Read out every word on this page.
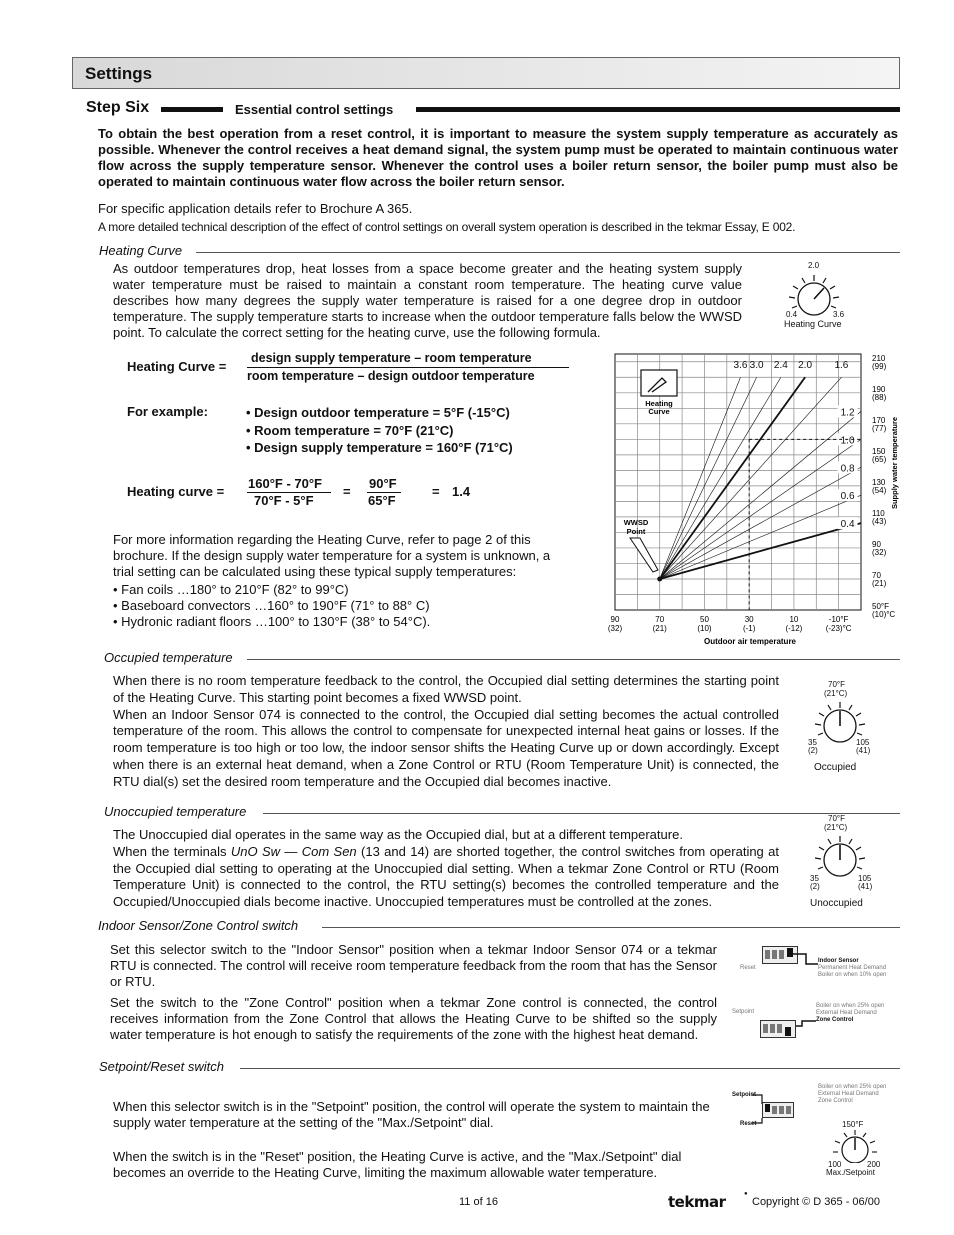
Settings
Step Six	Essential control settings
To obtain the best operation from a reset control, it is important to measure the system supply temperature as accurately as possible. Whenever the control receives a heat demand signal, the system pump must be operated to maintain continuous water flow across the supply temperature sensor. Whenever the control uses a boiler return sensor, the boiler pump must also be operated to maintain continuous water flow across the boiler return sensor.
For specific application details refer to Brochure A 365.
A more detailed technical description of the effect of control settings on overall system operation is described in the tekmar Essay, E 002.
Heating Curve
As outdoor temperatures drop, heat losses from a space become greater and the heating system supply water temperature must be raised to maintain a constant room temperature. The heating curve value describes how many degrees the supply water temperature is raised for a one degree drop in outdoor temperature. The supply temperature starts to increase when the outdoor temperature falls below the WWSD point. To calculate the correct setting for the heating curve, use the following formula.
2.0
0.4	3.6
Heating Curve
Heating Curve =
design supply temperature – room temperature
room temperature – design outdoor temperature
For example:	• Design outdoor temperature = 5°F (-15°C)
• Room temperature = 70°F (21°C)
• Design supply temperature = 160°F (71°C)
Heating curve =
160°F - 70°F
70°F - 5°F
=
90°F
65°F
= 1.4
For more information regarding the Heating Curve, refer to page 2 of this brochure. If the design supply water temperature for a system is unknown, a trial setting can be calculated using these typical supply temperatures:
• Fan coils …180° to 210°F (82° to 99°C)
• Baseboard convectors …160° to 190°F (71° to 88° C)
• Hydronic radiant floors …100° to 130°F (38° to 54°C).
3.6 3.0 2.4 2.0 1.6
1.2
1.0
0.8
0.6
0.4
Heating
Curve
WWSD
Point
90
(32)
70
(21)
50
(10)
30
(-1)
10
(-12)
-10°F
(-23)°C
Outdoor air temperature
210
(99)
190
(88)
170
(77)
150
(65)
130
(54)
110
(43)
90
(32)
70
(21)
50°F
(10)°C
Supply water temperature
Occupied temperature
When there is no room temperature feedback to the control, the Occupied dial setting determines the starting point of the Heating Curve. This starting point becomes a fixed WWSD point.
When an Indoor Sensor 074 is connected to the control, the Occupied dial setting becomes the actual controlled temperature of the room. This allows the control to compensate for unexpected internal heat gains or losses. If the room temperature is too high or too low, the indoor sensor shifts the Heating Curve up or down accordingly. Except when there is an external heat demand, when a Zone Control or RTU (Room Temperature Unit) is connected, the RTU dial(s) set the desired room temperature and the Occupied dial becomes inactive.
70°F
(21°C)
35
(2)
105
(41)
Occupied
Unoccupied temperature
The Unoccupied dial operates in the same way as the Occupied dial, but at a different temperature.
When the terminals UnO Sw — Com Sen (13 and 14) are shorted together, the control switches from operating at the Occupied dial setting to operating at the Unoccupied dial setting. When a tekmar Zone Control or RTU (Room Temperature Unit) is connected to the control, the RTU setting(s) becomes the controlled temperature and the Occupied/Unoccupied dials become inactive. Unoccupied temperatures must be controlled at the zones.
70°F
(21°C)
35
(2)
105
(41)
Unoccupied
Indoor Sensor/Zone Control switch
Set this selector switch to the "Indoor Sensor" position when a tekmar Indoor Sensor 074 or a tekmar RTU is connected. The control will receive room temperature feedback from the room that has the Sensor or RTU.
Set the switch to the "Zone Control" position when a tekmar Zone control is connected, the control receives information from the Zone Control that allows the Heating Curve to be shifted so the supply water temperature is hot enough to satisfy the requirements of the zone with the highest heat demand.
Reset
Indoor Sensor
Permanent Heat Demand
Boiler on when 10% open
Boiler on when 25% open
External Heat Demand
Zone Control
Setpoint
Setpoint/Reset switch
When this selector switch is in the "Setpoint" position, the control will operate the system to maintain the supply water temperature at the setting of the "Max./Setpoint" dial.
When the switch is in the "Reset" position, the Heating Curve is active, and the "Max./Setpoint" dial becomes an override to the Heating Curve, limiting the maximum allowable water temperature.
Setpoint
Reset
Boiler on when 25% open
External Heat Demand
Zone Control
150°F
100	200
Max./Setpoint
11 of 16	tekmar	●
Copyright © D 365 - 06/00
